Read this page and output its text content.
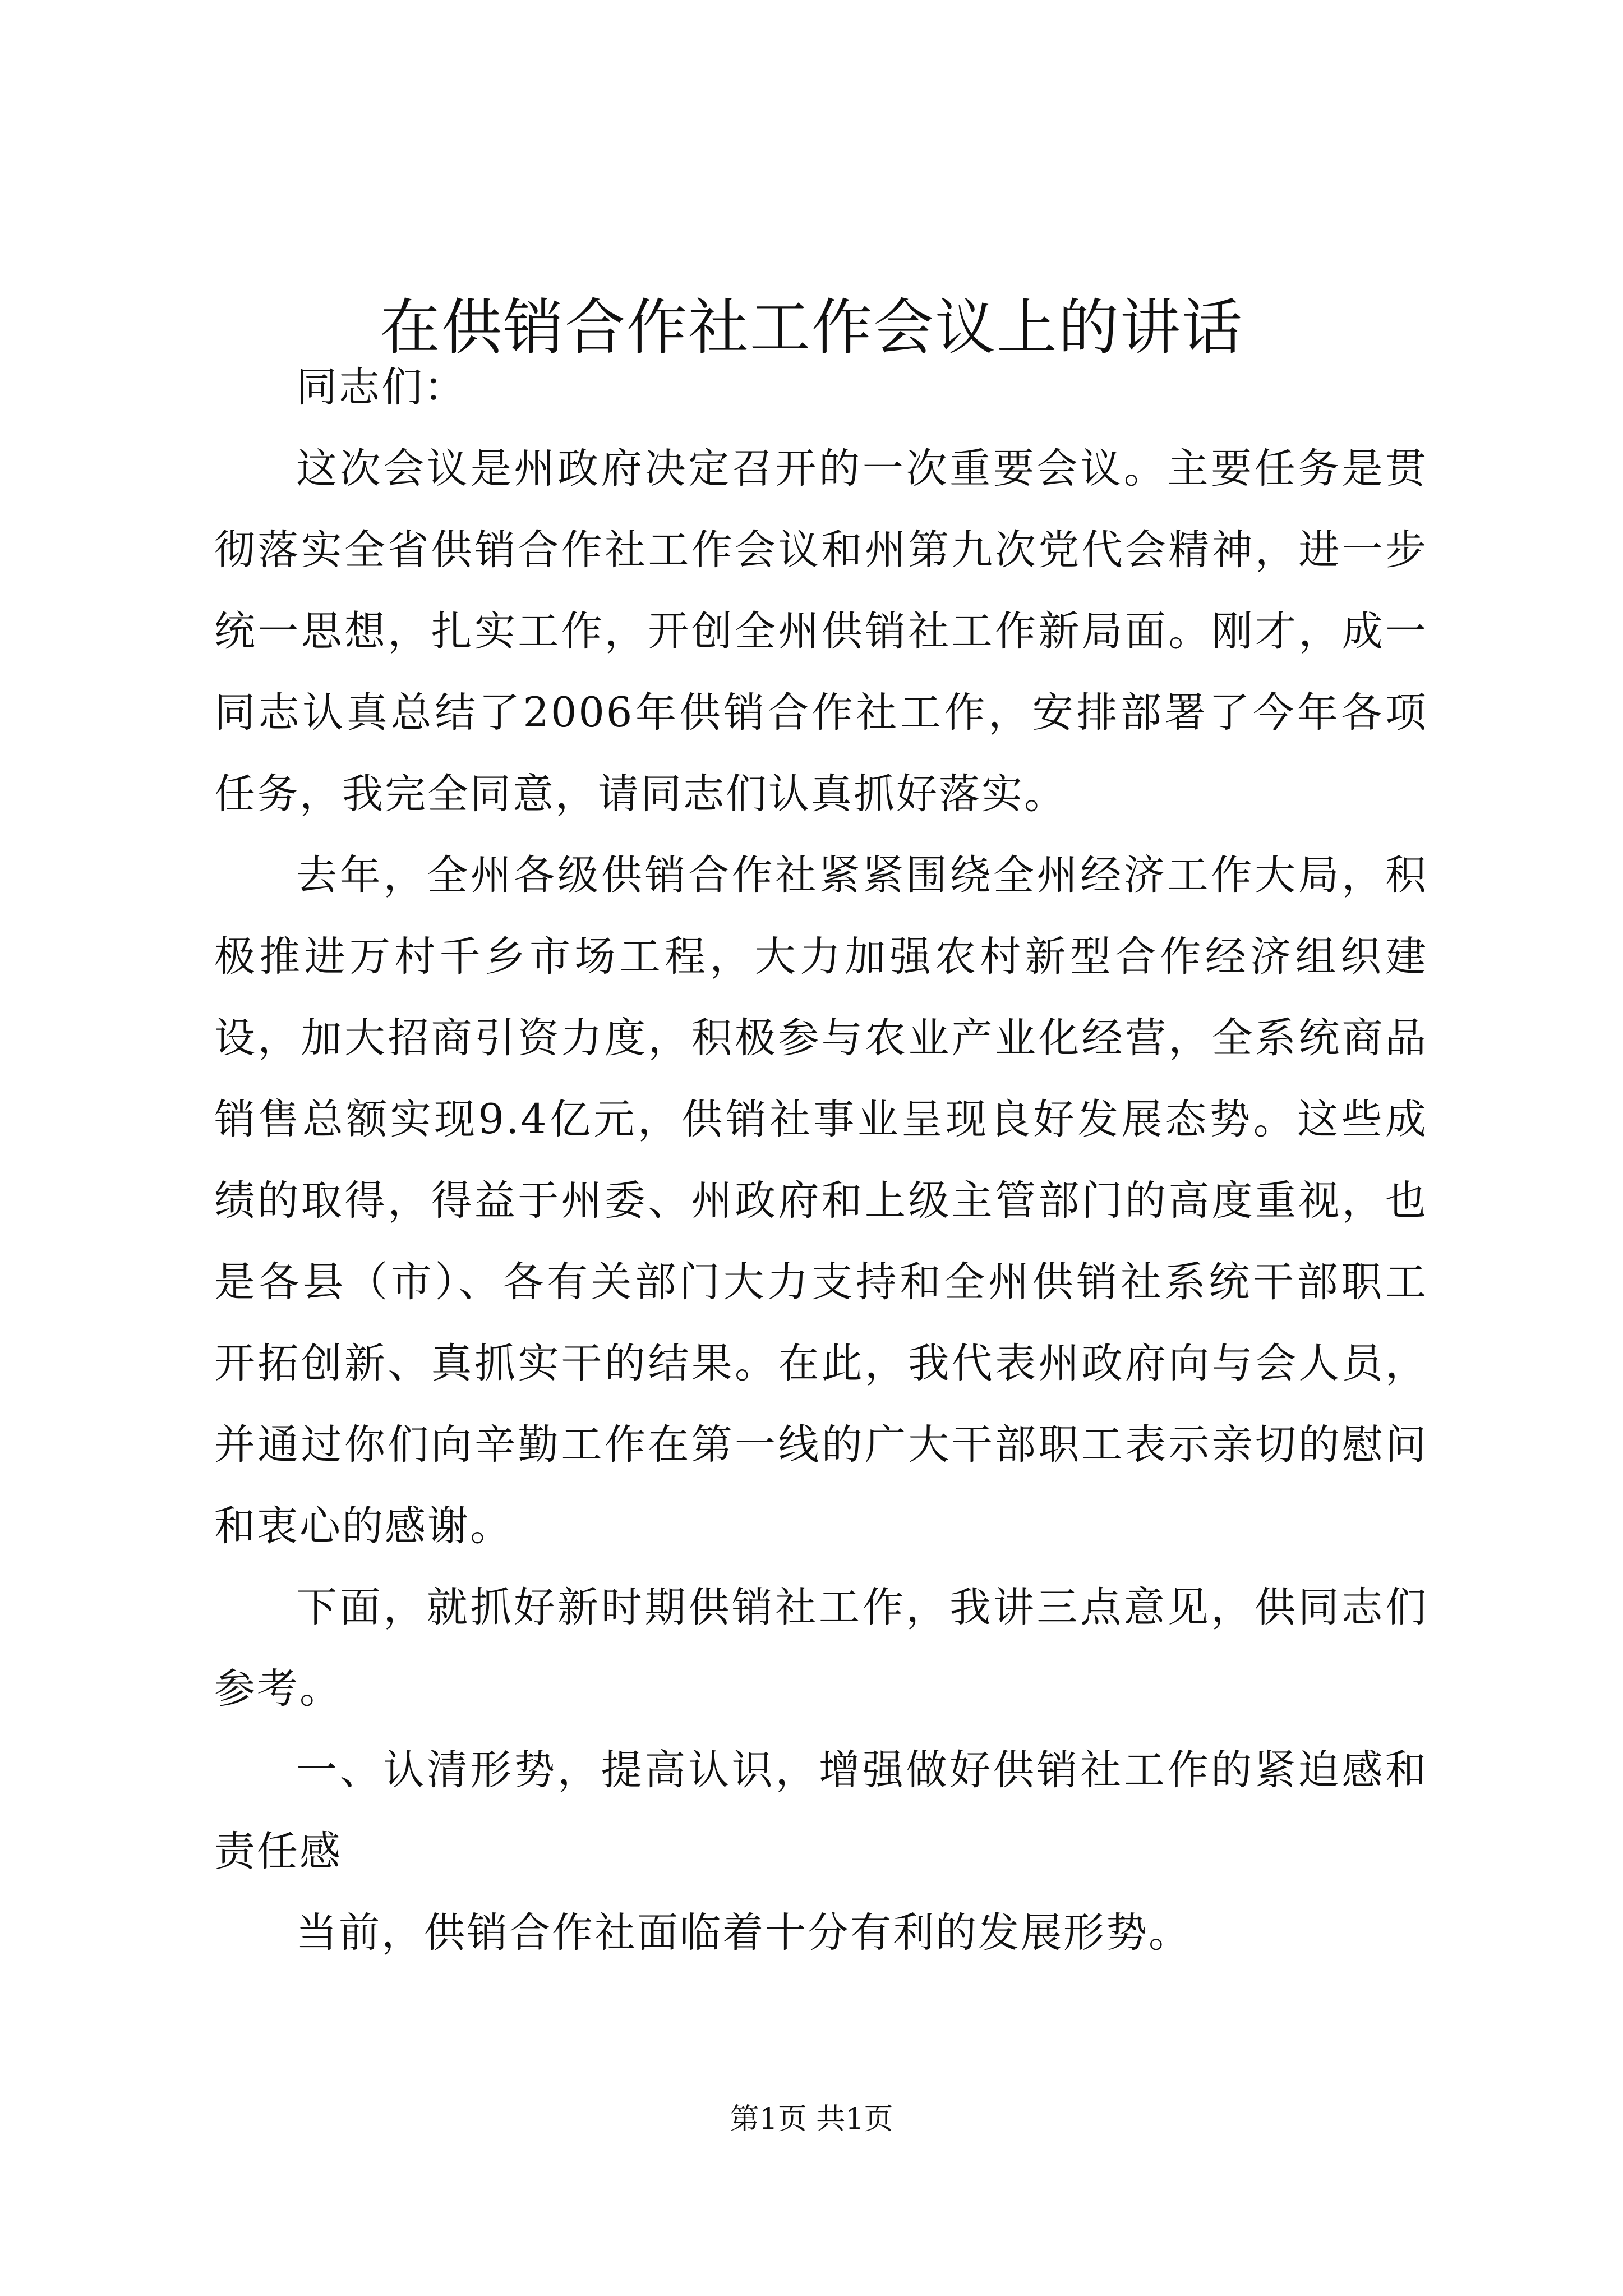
在供销合作社工作会议上的讲话

同志们：

这次会议是州政府决定召开的一次重要会议。主要任务是贯彻落实全省供销合作社工作会议和州第九次党代会精神，进一步统一思想，扎实工作，开创全州供销社工作新局面。刚才，成一同志认真总结了2006年供销合作社工作，安排部署了今年各项任务，我完全同意，请同志们认真抓好落实。

去年，全州各级供销合作社紧紧围绕全州经济工作大局，积极推进万村千乡市场工程，大力加强农村新型合作经济组织建设，加大招商引资力度，积极参与农业产业化经营，全系统商品销售总额实现9.4亿元，供销社事业呈现良好发展态势。这些成绩的取得，得益于州委、州政府和上级主管部门的高度重视，也是各县（市）、各有关部门大力支持和全州供销社系统干部职工开拓创新、真抓实干的结果。在此，我代表州政府向与会人员，并通过你们向辛勤工作在第一线的广大干部职工表示亲切的慰问和衷心的感谢。

下面，就抓好新时期供销社工作，我讲三点意见，供同志们参考。

一、认清形势，提高认识，增强做好供销社工作的紧迫感和责任感

当前，供销合作社面临着十分有利的发展形势。

第1页 共1页
